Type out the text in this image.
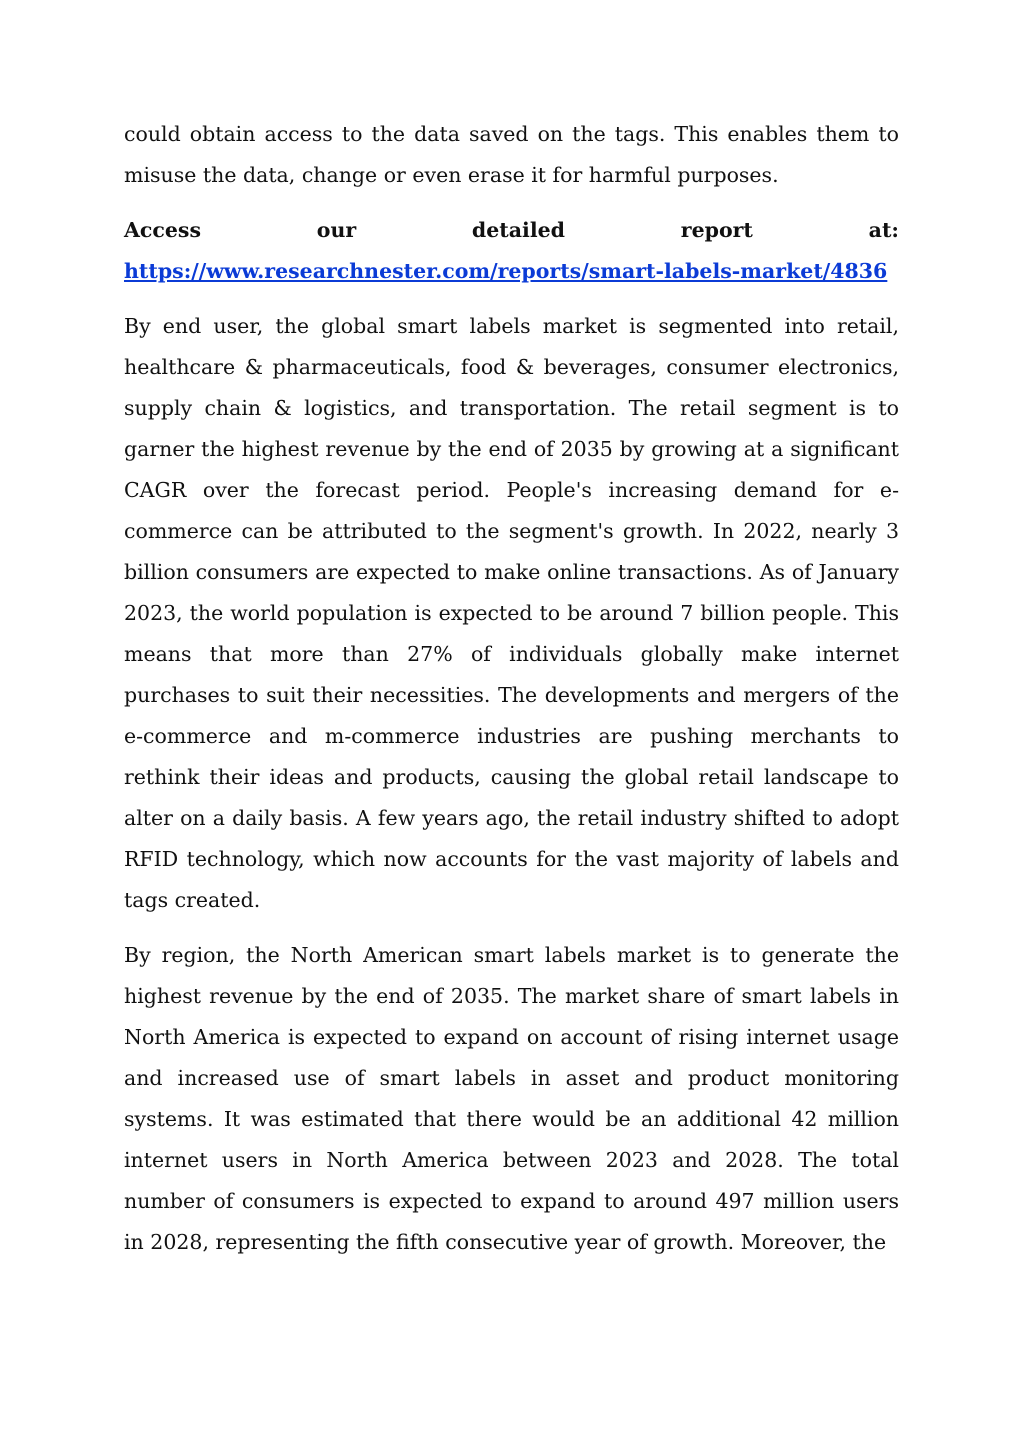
could obtain access to the data saved on the tags. This enables them to misuse the data, change or even erase it for harmful purposes.

Access our detailed report at:

https://www.researchnester.com/reports/smart-labels-market/4836

By end user, the global smart labels market is segmented into retail, healthcare & pharmaceuticals, food & beverages, consumer electronics, supply chain & logistics, and transportation. The retail segment is to garner the highest revenue by the end of 2035 by growing at a significant CAGR over the forecast period. People's increasing demand for e-commerce can be attributed to the segment's growth. In 2022, nearly 3 billion consumers are expected to make online transactions. As of January 2023, the world population is expected to be around 7 billion people. This means that more than 27% of individuals globally make internet purchases to suit their necessities. The developments and mergers of the e-commerce and m-commerce industries are pushing merchants to rethink their ideas and products, causing the global retail landscape to alter on a daily basis. A few years ago, the retail industry shifted to adopt RFID technology, which now accounts for the vast majority of labels and tags created.

By region, the North American smart labels market is to generate the highest revenue by the end of 2035. The market share of smart labels in North America is expected to expand on account of rising internet usage and increased use of smart labels in asset and product monitoring systems. It was estimated that there would be an additional 42 million internet users in North America between 2023 and 2028. The total number of consumers is expected to expand to around 497 million users in 2028, representing the fifth consecutive year of growth. Moreover, the
